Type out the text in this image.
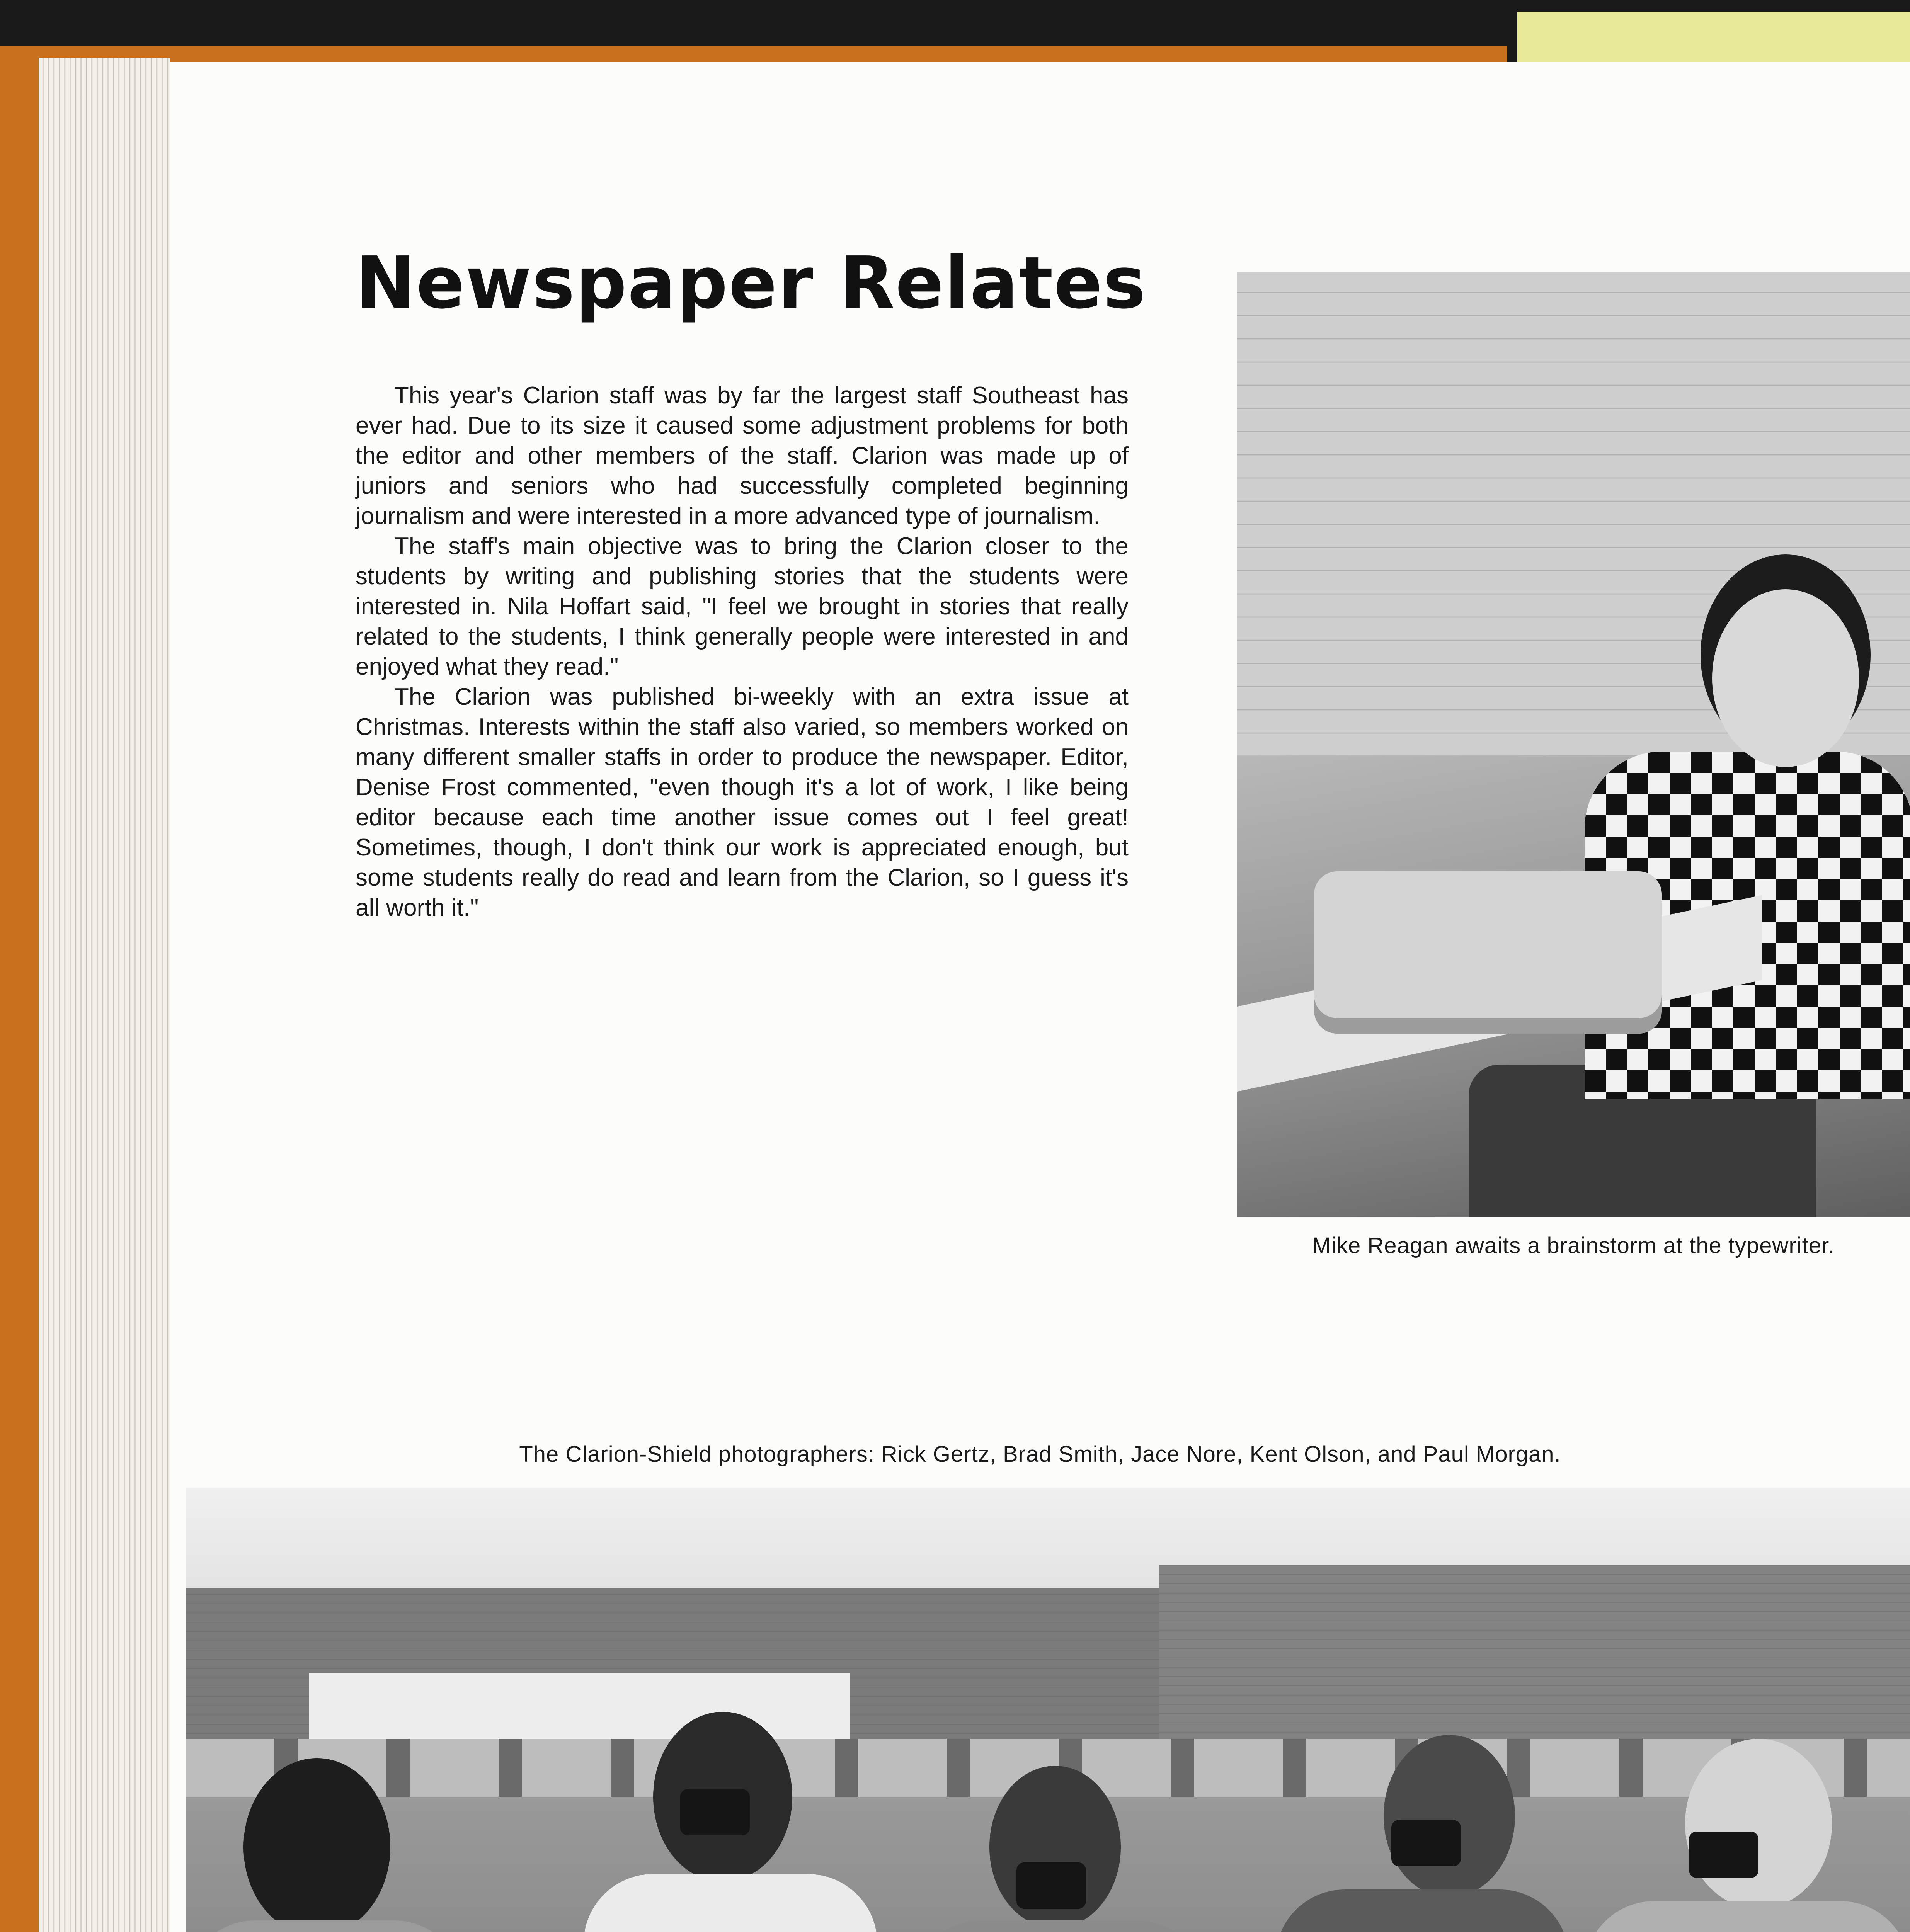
Newspaper Relates

This year's Clarion staff was by far the largest staff Southeast has ever had. Due to its size it caused some adjustment problems for both the editor and other members of the staff. Clarion was made up of juniors and seniors who had successfully completed beginning journalism and were interested in a more advanced type of journalism.

The staff's main objective was to bring the Clarion closer to the students by writing and publishing stories that the students were interested in. Nila Hoffart said, "I feel we brought in stories that really related to the students, I think generally people were interested in and enjoyed what they read."

The Clarion was published bi-weekly with an extra issue at Christmas. Interests within the staff also varied, so members worked on many different smaller staffs in order to produce the newspaper. Editor, Denise Frost commented, "even though it's a lot of work, I like being editor because each time another issue comes out I feel great! Sometimes, though, I don't think our work is appreciated enough, but some students really do read and learn from the Clarion, so I guess it's all worth it."

Mike Reagan awaits a brainstorm at the typewriter.

The Clarion-Shield photographers: Rick Gertz, Brad Smith, Jace Nore, Kent Olson, and Paul Morgan.
